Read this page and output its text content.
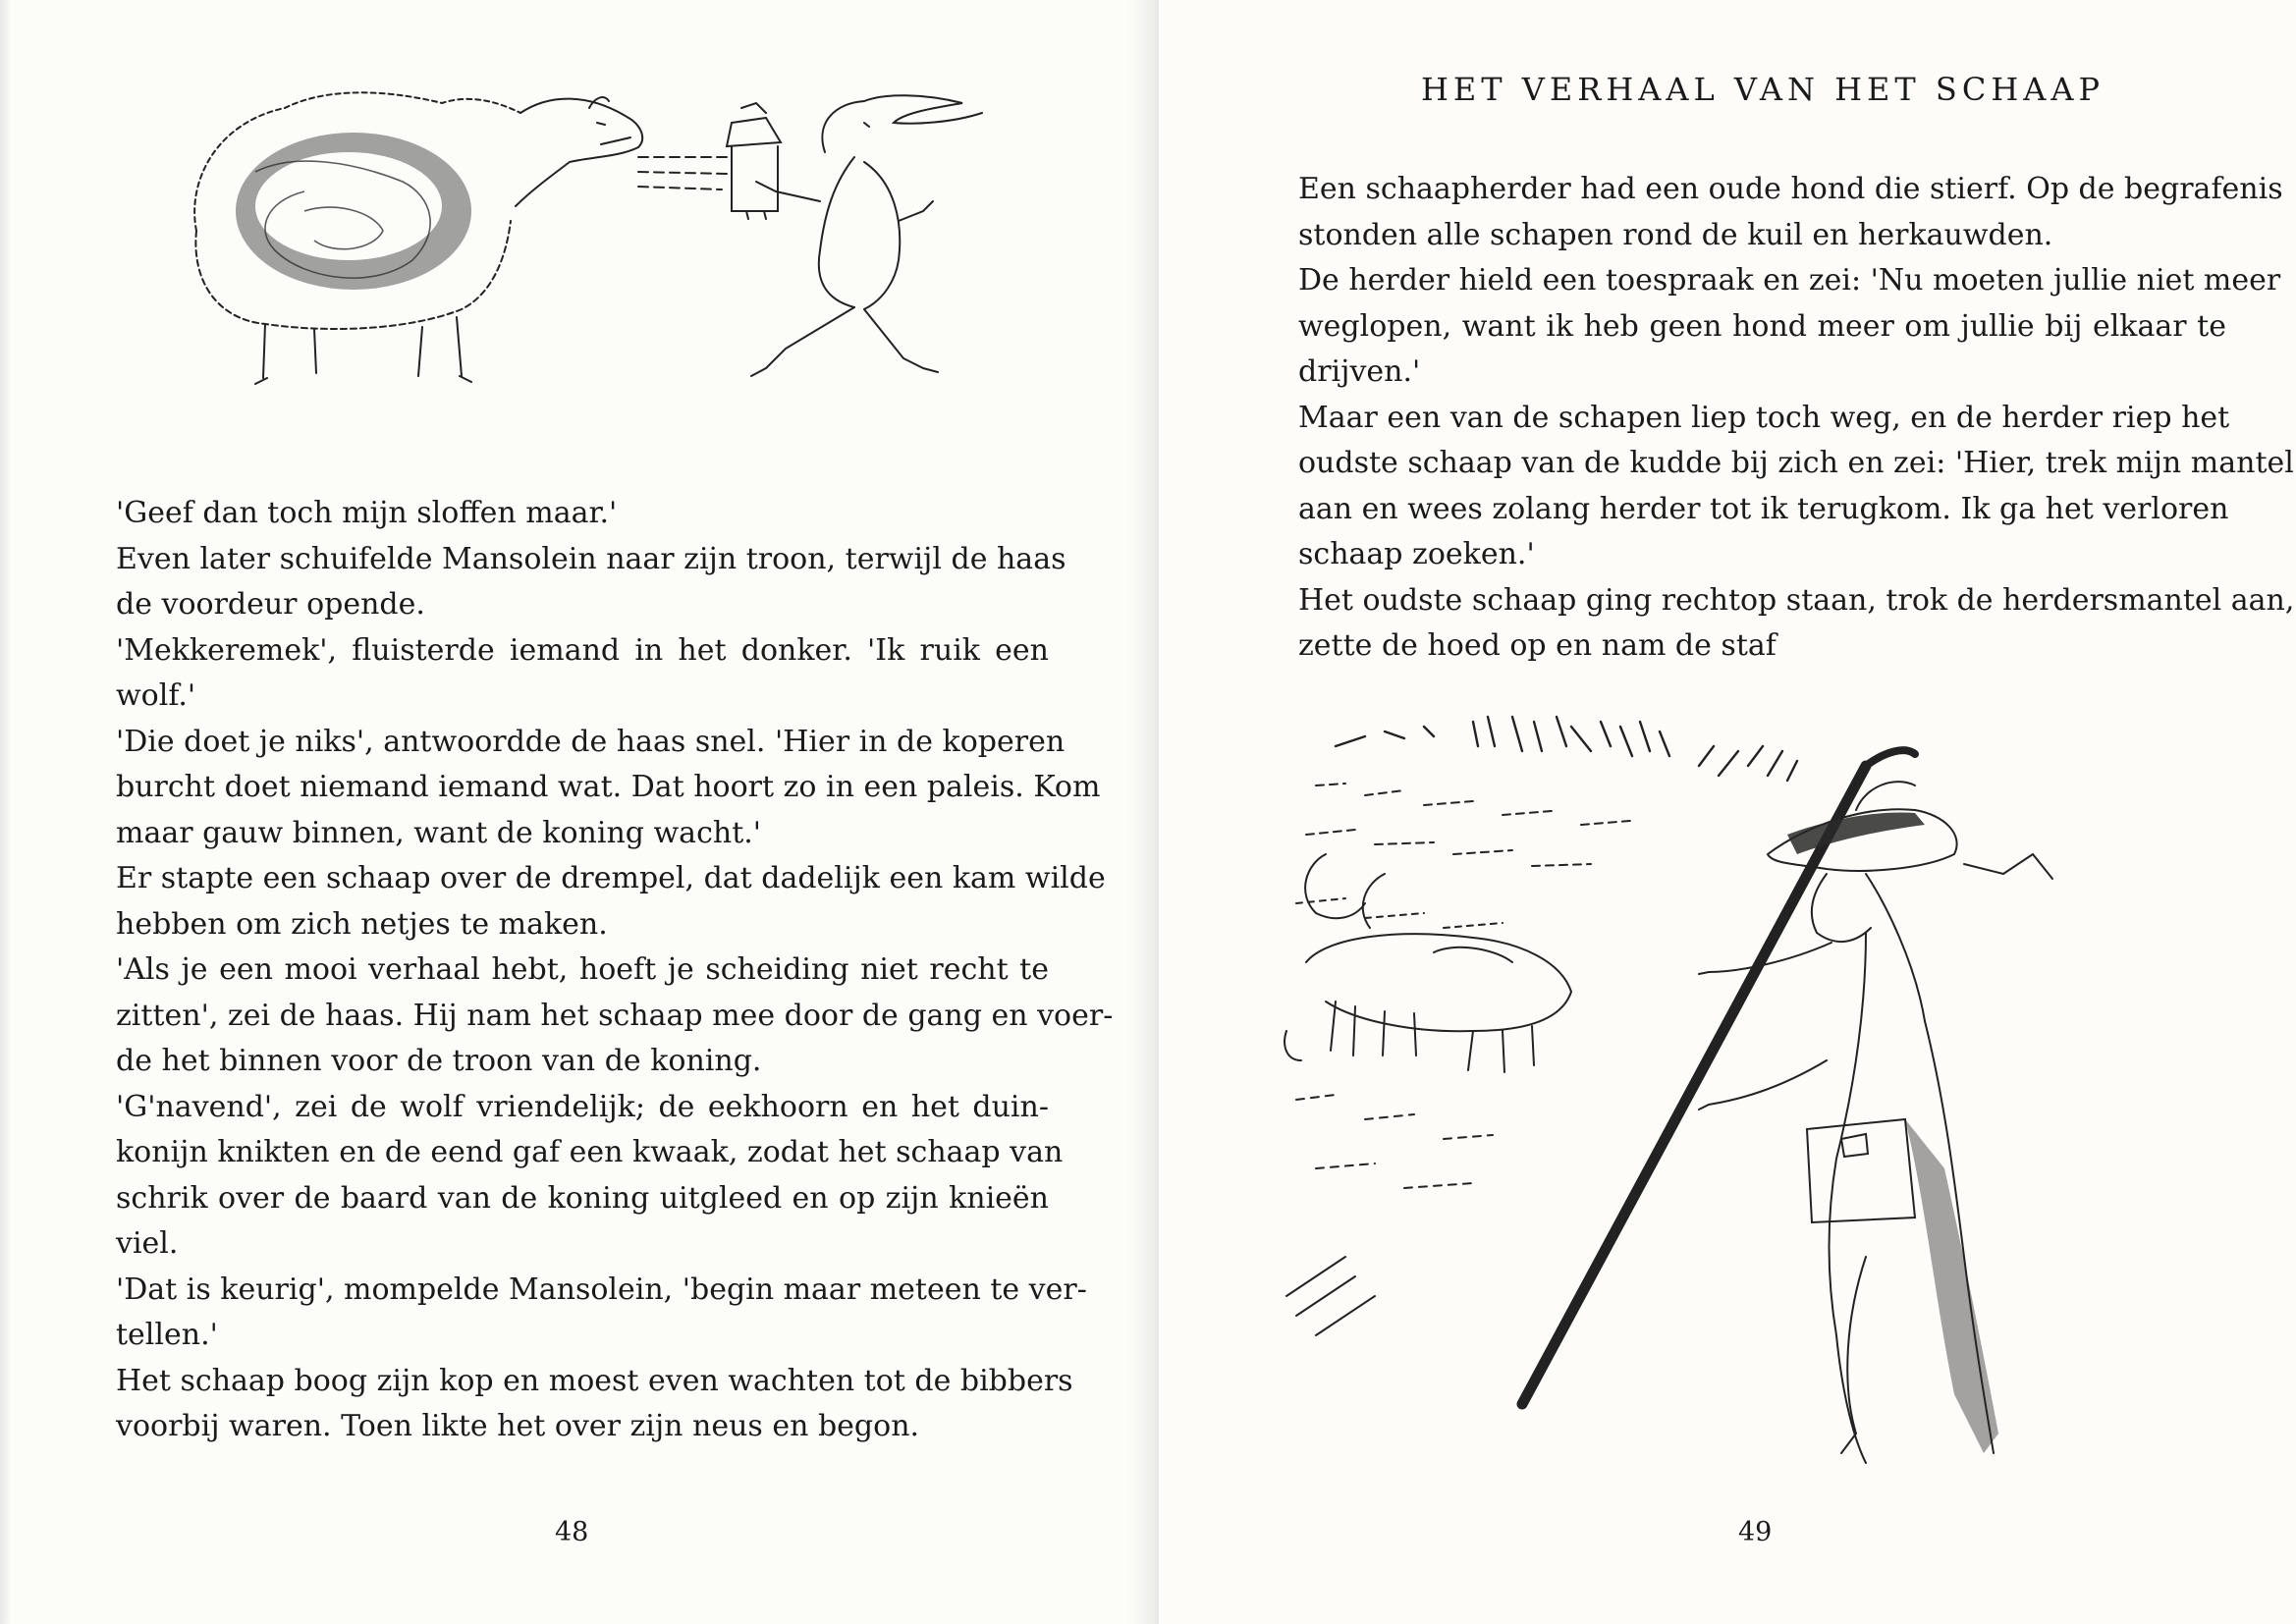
'Geef dan toch mijn sloffen maar.'
Even later schuifelde Mansolein naar zijn troon, terwijl de haas
de voordeur opende.
'Mekkeremek', fluisterde iemand in het donker. 'Ik ruik een
wolf.'
'Die doet je niks', antwoordde de haas snel. 'Hier in de koperen
burcht doet niemand iemand wat. Dat hoort zo in een paleis. Kom
maar gauw binnen, want de koning wacht.'
Er stapte een schaap over de drempel, dat dadelijk een kam wilde
hebben om zich netjes te maken.
'Als je een mooi verhaal hebt, hoeft je scheiding niet recht te
zitten', zei de haas. Hij nam het schaap mee door de gang en voer-
de het binnen voor de troon van de koning.
'G'navend', zei de wolf vriendelijk; de eekhoorn en het duin-
konijn knikten en de eend gaf een kwaak, zodat het schaap van
schrik over de baard van de koning uitgleed en op zijn knieën
viel.
'Dat is keurig', mompelde Mansolein, 'begin maar meteen te ver-
tellen.'
Het schaap boog zijn kop en moest even wachten tot de bibbers
voorbij waren. Toen likte het over zijn neus en begon.
48
HET VERHAAL VAN HET SCHAAP
Een schaapherder had een oude hond die stierf. Op de begrafenis
stonden alle schapen rond de kuil en herkauwden.
De herder hield een toespraak en zei: 'Nu moeten jullie niet meer
weglopen, want ik heb geen hond meer om jullie bij elkaar te
drijven.'
Maar een van de schapen liep toch weg, en de herder riep het
oudste schaap van de kudde bij zich en zei: 'Hier, trek mijn mantel
aan en wees zolang herder tot ik terugkom. Ik ga het verloren
schaap zoeken.'
Het oudste schaap ging rechtop staan, trok de herdersmantel aan,
zette de hoed op en nam de staf
49
